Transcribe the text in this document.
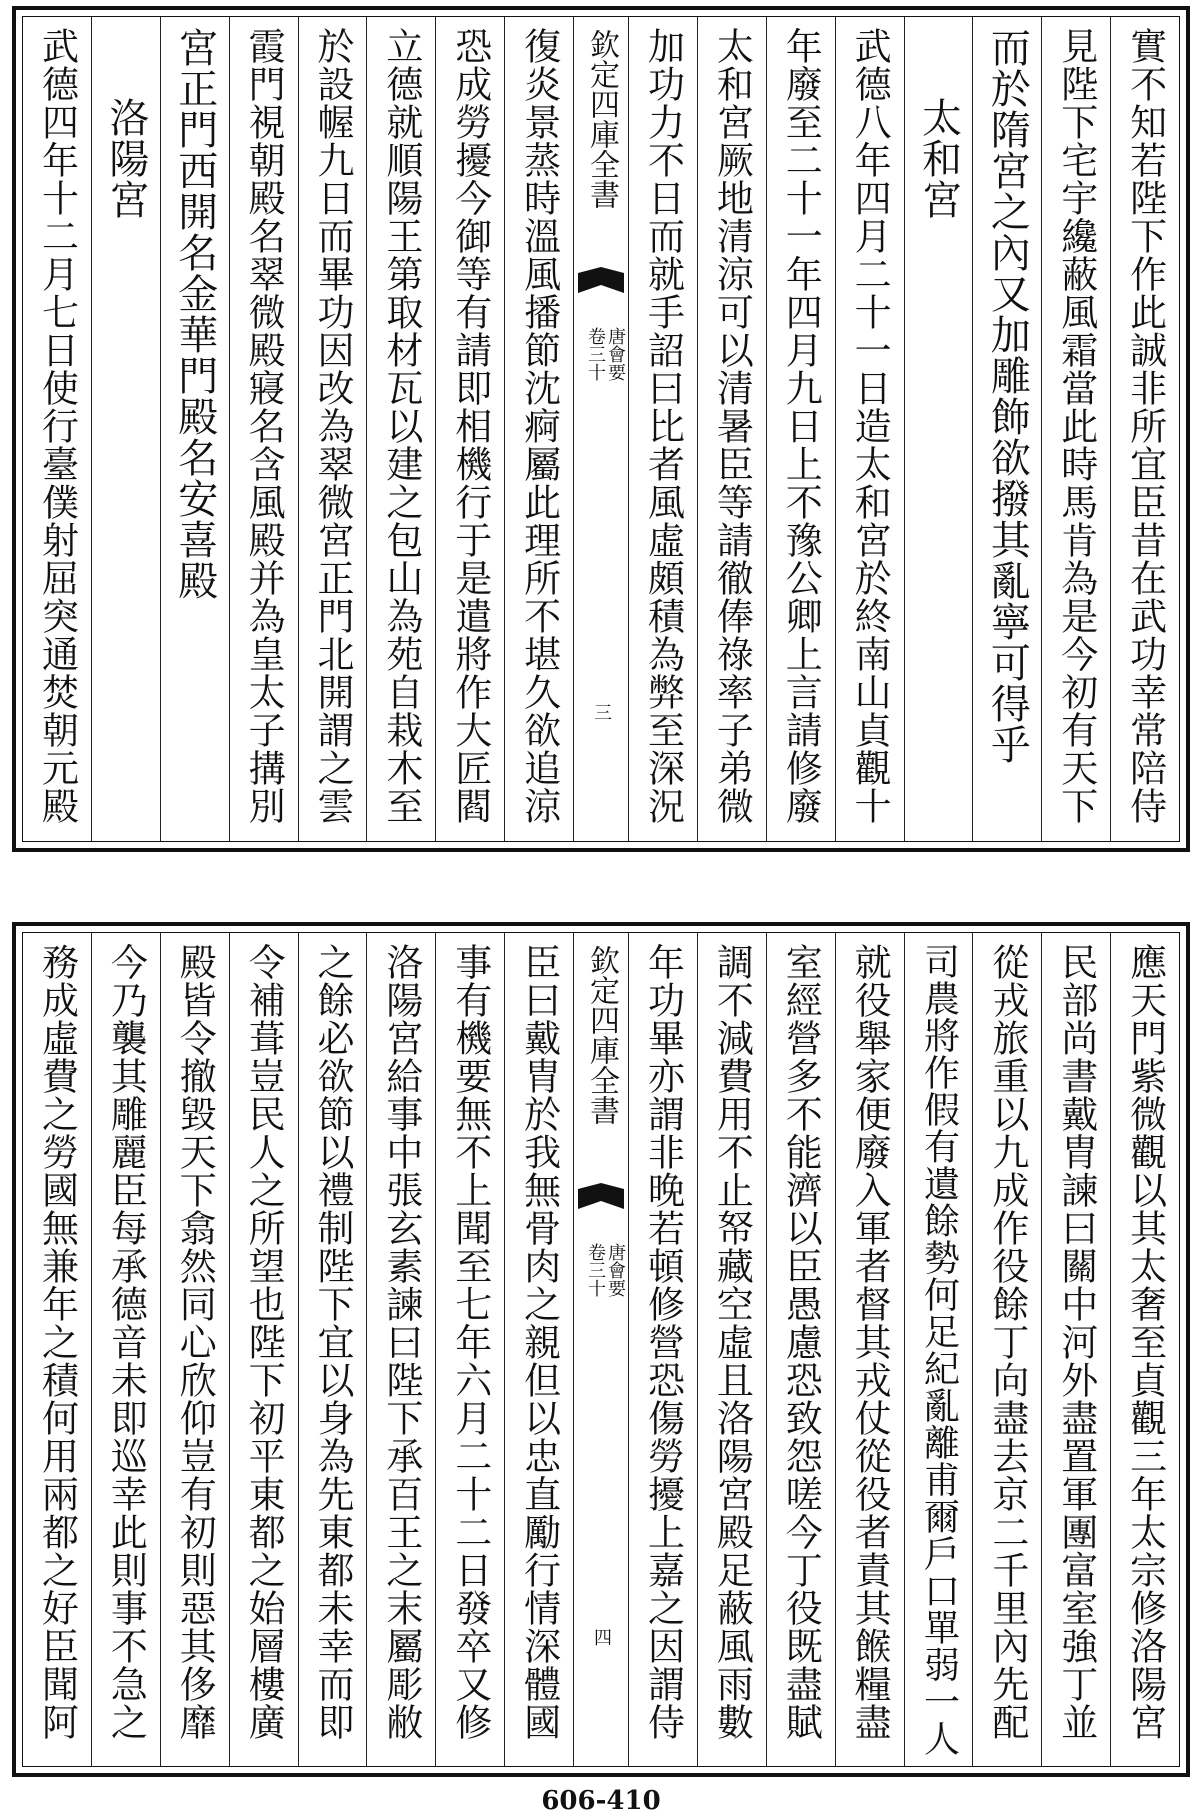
實不知若陛下作此誠非所宜臣昔在武功幸常陪侍
見陛下宅宇纔蔽風霜當此時馬肯為是今初有天下
而於隋宮之內又加雕飾欲撥其亂寧可得乎
太和宮
武德八年四月二十一日造太和宮於終南山貞觀十
年廢至二十一年四月九日上不豫公卿上言請修廢
太和宮厥地清涼可以清暑臣等請徹俸祿率子弟微
加功力不日而就手詔曰比者風虛頗積為弊至深況
欽定四庫全書
唐會要
卷三十
三
復炎景蒸時溫風播節沈痾屬此理所不堪久欲追涼
恐成勞擾今御等有請即相機行于是遣將作大匠閻
立德就順陽王第取材瓦以建之包山為苑自栽木至
於設幄九日而畢功因改為翠微宮正門北開謂之雲
霞門視朝殿名翠微殿寢名含風殿并為皇太子搆別
宮正門西開名金華門殿名安喜殿
洛陽宮
武德四年十二月七日使行臺僕射屈突通焚朝元殿
應天門紫微觀以其太奢至貞觀三年太宗修洛陽宮
民部尚書戴胄諫曰關中河外盡置軍團富室強丁並
從戎旅重以九成作役餘丁向盡去京二千里內先配
司農將作假有遺餘勢何足紀亂離甫爾戶口單弱一人
就役舉家便廢入軍者督其戎仗從役者責其餱糧盡
室經營多不能濟以臣愚慮恐致怨嗟今丁役既盡賦
調不減費用不止帑藏空虛且洛陽宮殿足蔽風雨數
年功畢亦謂非晚若頓修營恐傷勞擾上嘉之因謂侍
欽定四庫全書
唐會要
卷三十
四
臣曰戴胄於我無骨肉之親但以忠直勵行情深體國
事有機要無不上聞至七年六月二十二日發卒又修
洛陽宮給事中張玄素諫曰陛下承百王之末屬彫敝
之餘必欲節以禮制陛下宜以身為先東都未幸而即
令補葺豈民人之所望也陛下初平東都之始層樓廣
殿皆令撤毀天下翕然同心欣仰豈有初則惡其侈靡
今乃襲其雕麗臣每承德音未即巡幸此則事不急之
務成虛費之勞國無兼年之積何用兩都之好臣聞阿
606-410
